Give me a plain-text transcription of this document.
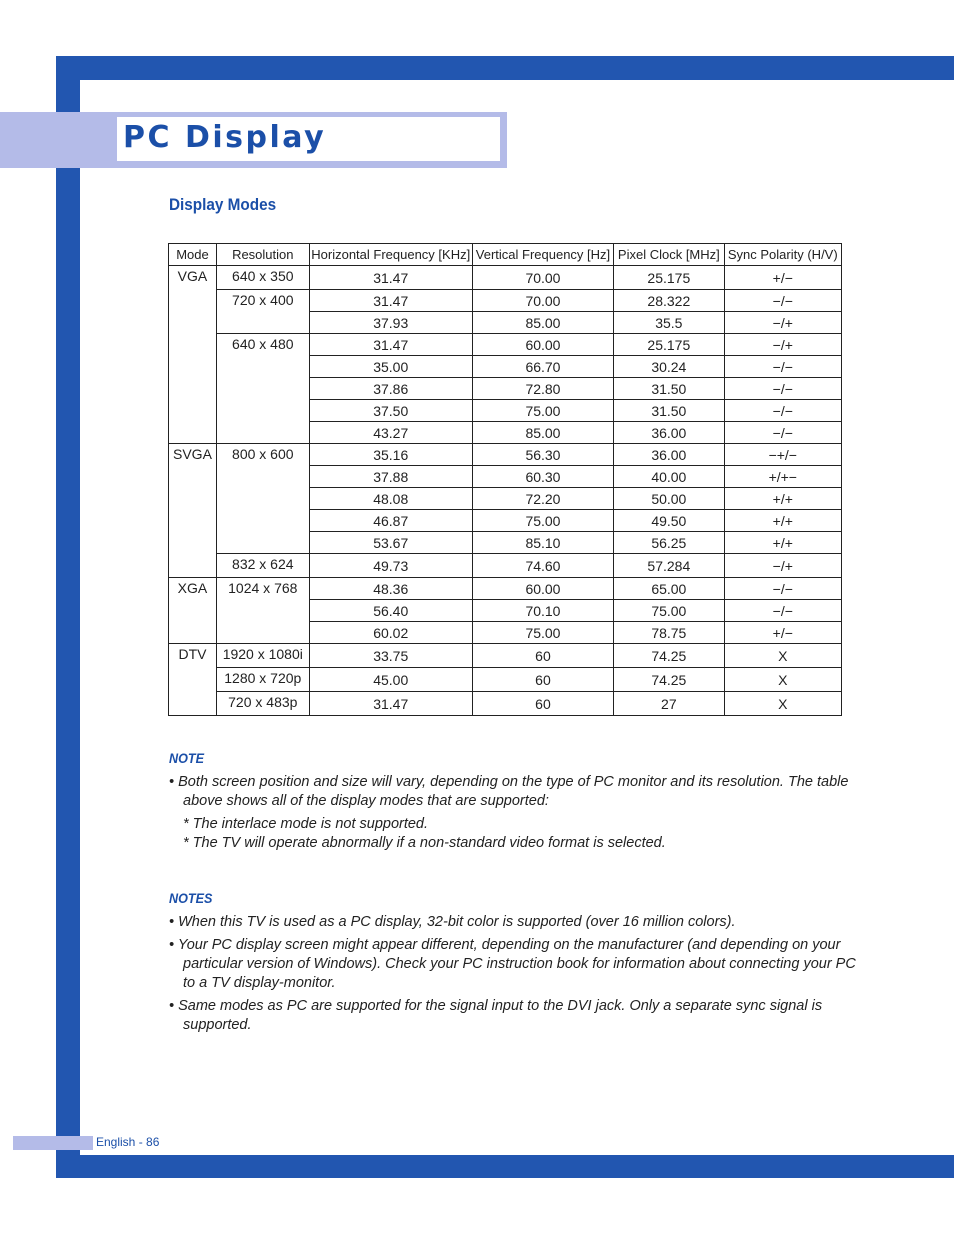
PC Display
Display Modes
Mode	Resolution	Horizontal Frequency [KHz]	Vertical Frequency [Hz]	Pixel Clock [MHz]	Sync Polarity (H/V)
VGA	640 x 350	31.47	70.00	25.175	+/−
	720 x 400	31.47	70.00	28.322	−/−
		37.93	85.00	35.5	−/+
	640 x 480	31.47	60.00	25.175	−/+
		35.00	66.70	30.24	−/−
		37.86	72.80	31.50	−/−
		37.50	75.00	31.50	−/−
		43.27	85.00	36.00	−/−
SVGA	800 x 600	35.16	56.30	36.00	−+/−
		37.88	60.30	40.00	+/+−
		48.08	72.20	50.00	+/+
		46.87	75.00	49.50	+/+
		53.67	85.10	56.25	+/+
	832 x 624	49.73	74.60	57.284	−/+
XGA	1024 x 768	48.36	60.00	65.00	−/−
		56.40	70.10	75.00	−/−
		60.02	75.00	78.75	+/−
DTV	1920 x 1080i	33.75	60	74.25	X
	1280 x 720p	45.00	60	74.25	X
	720 x 483p	31.47	60	27	X

NOTE

• Both screen position and size will vary, depending on the type of PC monitor and its resolution. The table above shows all of the display modes that are supported:

* The interlace mode is not supported.

* The TV will operate abnormally if a non-standard video format is selected.

NOTES

• When this TV is used as a PC display, 32-bit color is supported (over 16 million colors).

• Your PC display screen might appear different, depending on the manufacturer (and depending on your particular version of Windows). Check your PC instruction book for information about connecting your PC to a TV display-monitor.

• Same modes as PC are supported for the signal input to the DVI jack. Only a separate sync signal is supported.

English - 86
